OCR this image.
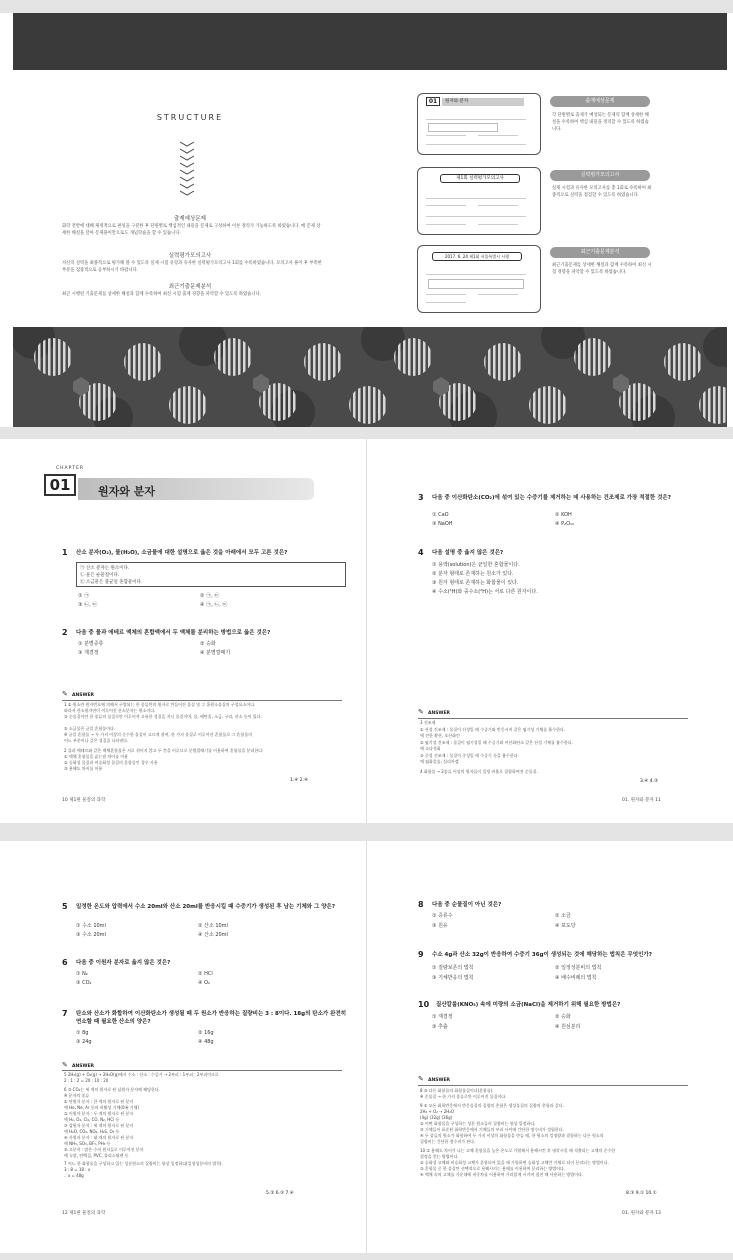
STRUCTURE
출제예상문제
화학 전반에 대해 체계적으로 편성을 구분한 후 단원별로 핵심적인 내용을 문제로 구성하여 이론 정리가 가능하도록 하였습니다. 매 문제 상세한 해설을 달아 문제풀이만으로도 개념학습을 할 수 있습니다.
실력평가모의고사
자신의 실력을 최종적으로 평가해 볼 수 있도록 실제 시험 유형과 유사한 실력평가모의고사 1회를 수록하였습니다. 모의고사 풀이 후 부족한 부분을 집중적으로 공부하시기 바랍니다.
최근기출문제분석
최근 시행된 기출문제를 상세한 해설과 함께 수록하여 최신 시험 출제 경향을 파악할 수 있도록 하였습니다.
01	원자와 분자
제1회 실력평가모의고사
2017. 6. 24 제1회 서울특별시 시행
출제예상문제
각 단원별로 출제가 예상되는 문제의 함께 상세한 해설을 수록하여 핵심 내용을 정리할 수 있도록 하였습니다.
실력평가모의고사
실제 시험과 유사한 모의고사를 총 1회로 수록하여 최종적으로 실력을 점검할 수 있도록 하였습니다.
최근기출문제분석
최근기출문제를 상세한 해설과 함께 수록하여 최신 시험 경향을 파악할 수 있도록 하였습니다.
CHAPTER
01	원자와 분자
1 산소 분자(O₂), 물(H₂O), 소금물에 대한 설명으로 옳은 것을 아래에서 모두 고른 것은?
㉠ 산소 분자는 원소이다.
㉡ 물은 순물질이다.
㉢ 소금물은 불균일 혼합물이다.
① ㉠	② ㉠, ㉢
③ ㉡, ㉢	④ ㉠, ㉡, ㉢
2 다음 중 물과 에테르 액체의 혼합액에서 두 액체를 분리하는 방법으로 옳은 것은?
① 분별증류	② 승화
③ 재결정	④ 분별깔때기
✎ ANSWER
1 ① 원소란 원자번호에 의해서 구별되는 한 종류만의 원자로 만들어진 물질 및 그 홑원소물질의 구성요소이다.
따라서 산소원자만이 이루어진 산소분자는 원소이다.
③ 순물질이란 한 종류의 물질로만 이루어져 고유한 성질을 지닌 물질이며, 물, 에탄올, 소금, 구리, 산소 등이 있다.
⑤ 소금물은 균일 혼합물이다.
※ 균일 혼합물 → 두 가지 이상의 순수한 물질이 고르게 섞여, 한 가지 물질로 이루어진 혼합물로 그 혼합물의
어느 부분이나 같은 성질을 나타낸다.
2 물과 에테르와 같은 액체혼합물은 서로 섞이지 않고 두 층을 이루므로 분별깔때기를 이용하여 혼합물을 분리한다.
① 액체 혼합물을 끓는점 차이를 이용
② 승화성 물질과 비승화성 물질의 혼합물인 경우 사용
③ 용해도 차이를 이용
1.④ 2.④
10 제1편 물질의 과학
3 다음 중 이산화탄소(CO₂)에 섞여 있는 수증기를 제거하는 데 사용하는 건조제로 가장 적절한 것은?
① CaO	② KOH
③ NaOH	④ P₂O₁₀
4 다음 설명 중 옳지 않은 것은?
① 용액(solution)은 균일한 혼합물이다.
② 분자 형태로 존재하는 원소가 있다.
③ 원자 형태로 존재하는 화합물이 있다.
④ 수소(¹H)와 중수소(²H)는 서로 다른 원자이다.
✎ ANSWER
3 건조제
① 산성 건조제 : 물질이 산성일 때 수증기와 반응시켜 같은 염기성 기체를 흡수한다.
예 진한 황산, 오산화인
② 염기성 건조제 : 물질이 염기성일 때 수증기와 이산화탄소 같은 산성 기체를 흡수한다.
예 소다석회
③ 중성 건조제 : 물질이 중성일 때 수증기 등을 흡수한다.
예 염화칼슘, 실리카겔
4 화합물 → 2종류 이상의 원자들이 일정 비율로 결합하여진 순물질.
3.④ 4.③
01. 원자와 분자 11
5 일정한 온도와 압력에서 수소 20ml와 산소 20ml를 반응시킬 때 수증기가 생성된 후 남는 기체와 그 양은?
① 수소 10ml	② 산소 10ml
③ 수소 20ml	④ 산소 20ml
6 다음 중 이원자 분자로 옳지 않은 것은?
① N₂	② HCl
③ CO₂	④ O₂
7 탄소와 산소가 화합하여 이산화탄소가 생성될 때 두 원소가 반응하는 질량비는 3 : 8이다. 18g의 탄소가 완전히 연소할 때 필요한 산소의 양은?
① 8g	② 16g
③ 24g	④ 48g
✎ ANSWER
5 2H₂(g) + O₂(g) → 2H₂O(g)에서 수소 : 산소 : 수증기 → 2부피 : 1부피 : 2부피이므로
2 : 1 : 2 = 20 : 10 : 20
6 ③ CO₂는 세 개의 원자로 된 삼원자 분자에 해당한다.
※ 분자의 종류
① 단원자 분자 : 한 개의 원자로 된 분자
예 He, Ne, Ar 등의 비활성 기체(0족 기체)
② 이원자 분자 : 두 개의 원자로 된 분자
예 H₂, O₂, Cl₂, CO, N₂, HCl 등
③ 삼원자 분자 : 세 개의 원자로 된 분자
예 H₂O, CO₂, NO₂, H₂S, O₃ 등
④ 사원자 분자 : 네 개의 원자로 된 분자
예 NH₃, SO₃, BF₃, PH₃ 등
⑤ 고분자 : 많은 수의 원자들로 이루어진 분자
예 녹말, 단백질, PVC, 폴리스틸렌 등
7 어느 한 화합물을 구성하고 있는 성분원소의 질량비는 항상 일정하다(일정성분비의 법칙).
3 : 8 = 18 : x
∴ x = 48g
5.② 6.③ 7.④
12 제1편 물질의 과학
8 다음 중 순물질이 아닌 것은?
① 증류수	② 소금
③ 원유	④ 포도당
9 수소 4g과 산소 32g이 반응하여 수증기 36g이 생성되는 것에 해당하는 법칙은 무엇인가?
① 질량보존의 법칙	② 일정성분비의 법칙
③ 기체반응의 법칙	④ 배수비례의 법칙
10 질산칼륨(KNO₃) 속에 미량의 소금(NaCl)을 제거하기 위해 필요한 방법은?
① 재결정	② 승화
③ 추출	④ 원심분리
✎ ANSWER
8 ③ 다른 화합물의 화합물질이다(혼합물).
※ 순물질 → 한 가지 종류로만 이루어진 물질이다.
9 ① 모든 화학반응에서 반응물질의 질량의 총합은 생성물질의 질량의 총합과 같다.
2H₂ + O₂ → 2H₂O
(4g) (32g) (36g)
② 어떤 화합물을 구성하는 성분 원소들의 질량비는 항상 일정하다.
③ 기체들이 표준된 화학반응에서 기체들의 부피 사이에 간단한 정수비가 성립한다.
④ 두 종류의 원소가 화합하여 두 가지 이상의 화합물을 만들 때, 한 원소의 일정량과 결합하는 다른 원소의
질량비는 간단한 정수비가 된다.
10 ① 용해도 차이가 나는 고체 혼합물을 높은 온도로 가열해서 용해시킨 후 냉각시킬 때 석출되는 고체의 순수한
결정을 얻는 방법이다.
② 승화성 고체와 비승화성 고체가 혼합되어 있을 때 가열하면 승화성 고체만 기체로 되어 분리되는 방법이다.
③ 혼합물 중 한 물질만 선택적으로 용해시키는 용매를 이용하여 분리하는 방법이다.
④ 액체 속의 고체를 가운데에 비중차를 이용하여 가라앉게 시키며 침전 때 사용하는 방법이다.
8.③ 9.① 10.①
01. 원자와 분자 13
